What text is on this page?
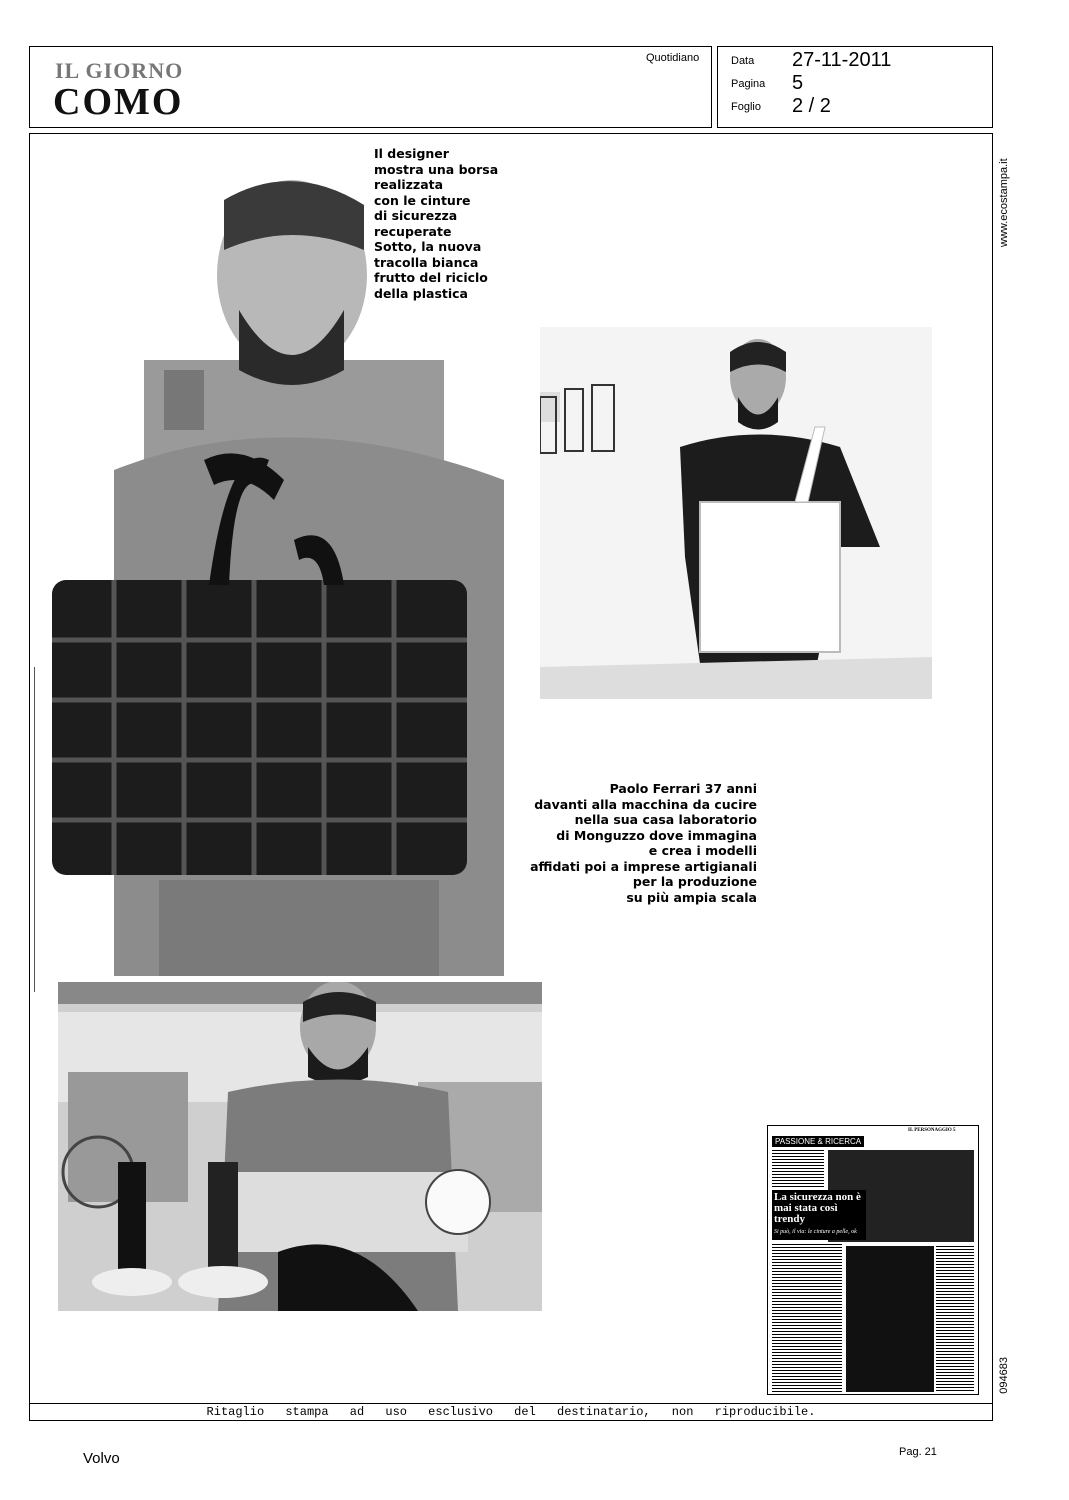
IL GIORNO
COMO
Quotidiano	Data 27-11-2011
Pagina 5
Foglio 2 / 2
www.ecostampa.it
094683
Il designer
mostra una borsa
realizzata
con le cinture
di sicurezza
recuperate
Sotto, la nuova
tracolla bianca
frutto del riciclo
della plastica
Paolo Ferrari 37 anni
davanti alla macchina da cucire
nella sua casa laboratorio
di Monguzzo dove immagina
e crea i modelli
affidati poi a imprese artigianali
per la produzione
su più ampia scala
IL PERSONAGGIO 5
PASSIONE & RICERCA
La sicurezza non è mai stata così trendy
Si può, il via: le cinture a pelle, ok
Ritaglio stampa ad uso esclusivo del destinatario, non riproducibile.
Volvo	Pag. 21
